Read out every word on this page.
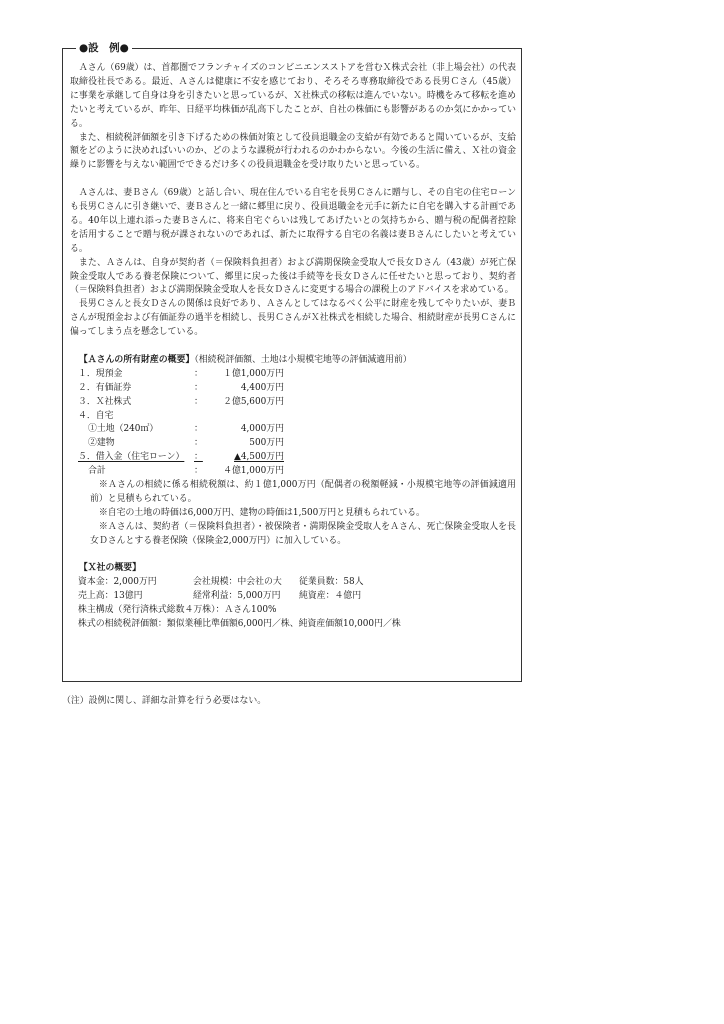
●設　例●

Ａさん（69歳）は、首都圏でフランチャイズのコンビニエンスストアを営むＸ株式会社（非上場会社）の代表取締役社長である。最近、Ａさんは健康に不安を感じており、そろそろ専務取締役である長男Ｃさん（45歳）に事業を承継して自身は身を引きたいと思っているが、Ｘ社株式の移転は進んでいない。時機をみて移転を進めたいと考えているが、昨年、日経平均株価が乱高下したことが、自社の株価にも影響があるのか気にかかっている。

また、相続税評価額を引き下げるための株価対策として役員退職金の支給が有効であると聞いているが、支給額をどのように決めればいいのか、どのような課税が行われるのかわからない。今後の生活に備え、Ｘ社の資金繰りに影響を与えない範囲でできるだけ多くの役員退職金を受け取りたいと思っている。

Ａさんは、妻Ｂさん（69歳）と話し合い、現在住んでいる自宅を長男Ｃさんに贈与し、その自宅の住宅ローンも長男Ｃさんに引き継いで、妻Ｂさんと一緒に郷里に戻り、役員退職金を元手に新たに自宅を購入する計画である。40年以上連れ添った妻Ｂさんに、将来自宅ぐらいは残してあげたいとの気持ちから、贈与税の配偶者控除を活用することで贈与税が課されないのであれば、新たに取得する自宅の名義は妻Ｂさんにしたいと考えている。

また、Ａさんは、自身が契約者（＝保険料負担者）および満期保険金受取人で長女Ｄさん（43歳）が死亡保険金受取人である養老保険について、郷里に戻った後は手続等を長女Ｄさんに任せたいと思っており、契約者（＝保険料負担者）および満期保険金受取人を長女Ｄさんに変更する場合の課税上のアドバイスを求めている。

長男Ｃさんと長女Ｄさんの関係は良好であり、Ａさんとしてはなるべく公平に財産を残してやりたいが、妻Ｂさんが現預金および有価証券の過半を相続し、長男ＣさんがＸ社株式を相続した場合、相続財産が長男Ｃさんに偏ってしまう点を懸念している。

【Ａさんの所有財産の概要】（相続税評価額、土地は小規模宅地等の評価減適用前）

１．現預金	：	１億1,000万円
２．有価証券	：	4,400万円
３．Ｘ社株式	：	２億5,600万円
４．自宅
①土地（240㎡）	：	4,000万円
②建物	：	500万円
５．借入金（住宅ローン）	：	▲4,500万円
合計	：	４億1,000万円

※Ａさんの相続に係る相続税額は、約１億1,000万円（配偶者の税額軽減・小規模宅地等の評価減適用前）と見積もられている。

※自宅の土地の時価は6,000万円、建物の時価は1,500万円と見積もられている。

※Ａさんは、契約者（＝保険料負担者）・被保険者・満期保険金受取人をＡさん、死亡保険金受取人を長女Ｄさんとする養老保険（保険金2,000万円）に加入している。

【Ｘ社の概要】

資本金：2,000万円	会社規模：中会社の大	従業員数：58人
売上高：13億円	経常利益：5,000万円	純資産：４億円
株主構成（発行済株式総数４万株）：Ａさん100%
株式の相続税評価額：類似業種比準価額6,000円／株、純資産価額10,000円／株
（注）設例に関し、詳細な計算を行う必要はない。
